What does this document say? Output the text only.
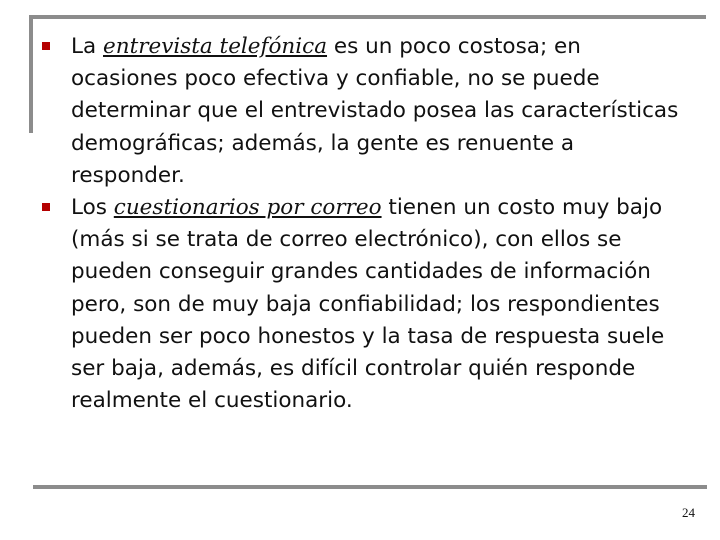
La entrevista telefónica es un poco costosa; en ocasiones poco efectiva y confiable, no se puede determinar que el entrevistado posea las características demográficas; además, la gente es renuente a responder.
Los cuestionarios por correo tienen un costo muy bajo (más si se trata de correo electrónico), con ellos se pueden conseguir grandes cantidades de información pero, son de muy baja confiabilidad; los respondientes pueden ser poco honestos y la tasa de respuesta suele ser baja, además, es difícil controlar quién responde realmente el cuestionario.
24
